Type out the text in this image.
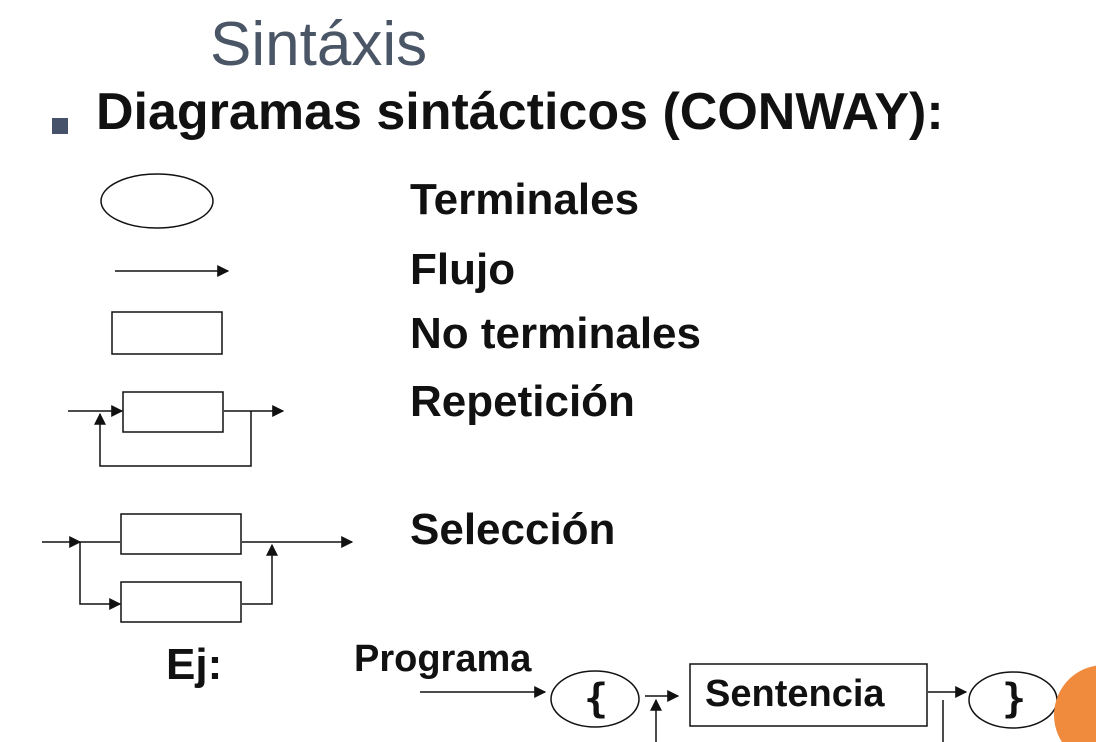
Sintáxis
Diagramas sintácticos (CONWAY):
Terminales
Flujo
No terminales
Repetición
Selección
Ej:	Programa
{	Sentencia	}
